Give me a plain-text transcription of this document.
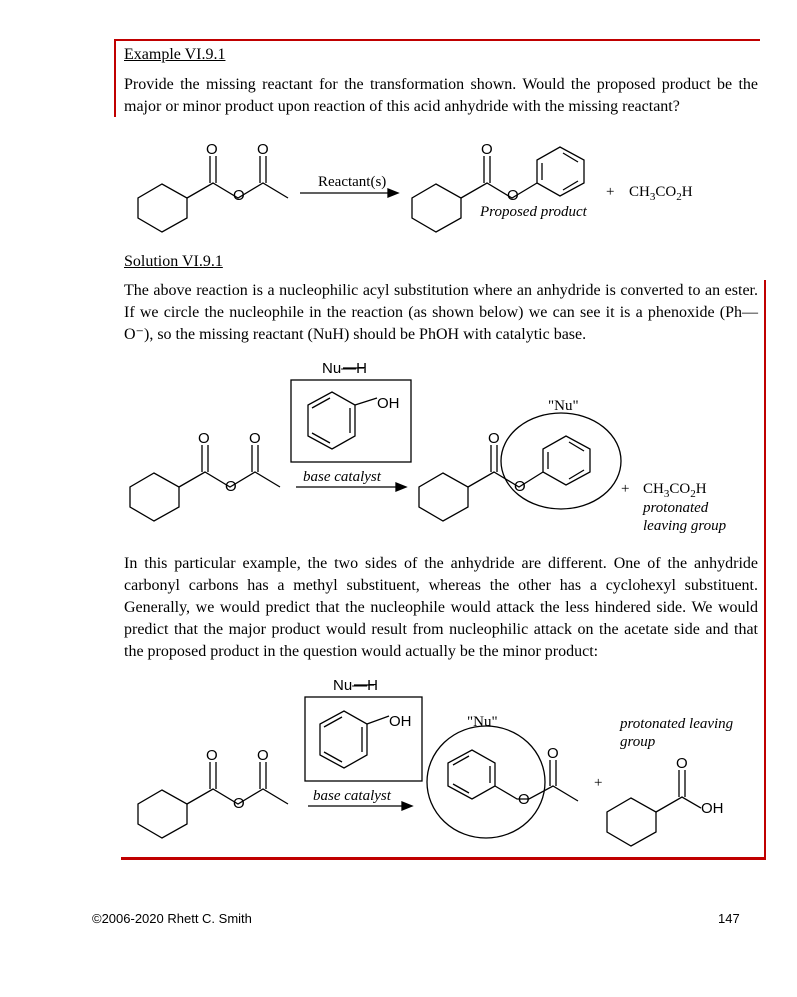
Example VI.9.1
Provide the missing reactant for the transformation shown. Would the proposed product be the major or minor product upon reaction of this acid anhydride with the missing reactant?
Solution VI.9.1
The above reaction is a nucleophilic acyl substitution where an anhydride is converted to an ester. If we circle the nucleophile in the reaction (as shown below) we can see it is a phenoxide (Ph—O⁻), so the missing reactant (NuH) should be PhOH with catalytic base.
In this particular example, the two sides of the anhydride are different. One of the anhydride carbonyl carbons has a methyl substituent, whereas the other has a cyclohexyl substituent. Generally, we would predict that the nucleophile would attack the less hindered side. We would predict that the major product would result from nucleophilic attack on the acetate side and that the proposed product in the question would actually be the minor product:
©2006-2020 Rhett C. Smith	147
O	O
O
O
O
Reactant(s)
Proposed product
+ $CH_3CO_2H$
Nu—H
OH
O	O
O
base catalyst
O
O
"Nu"
+ $CH_3CO_2H$
protonated
leaving group
Nu—H
OH
O	O
O	base catalyst
"Nu"
O
O
+
protonated leaving
group
O
OH
